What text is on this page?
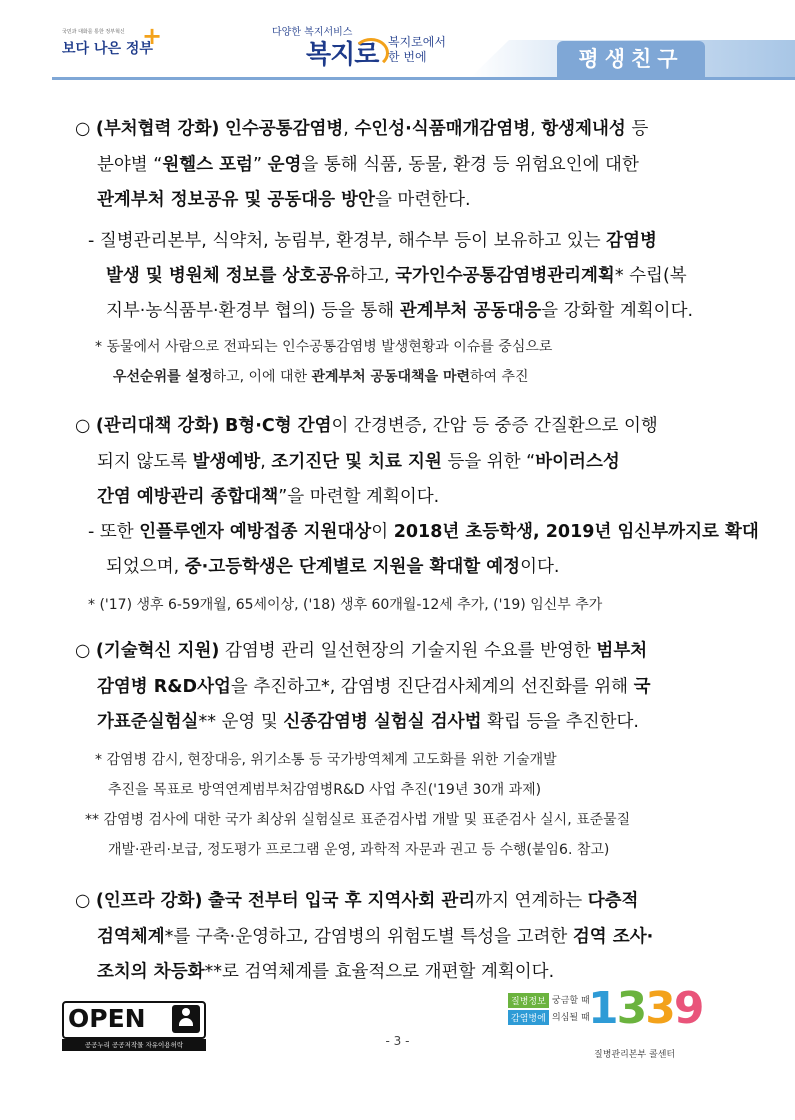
국민과 대화를 통한 정부혁신
보다 나은 정부
+	다양한 복지서비스
복지로 복지로에서
한 번에	평생친구
○ (부처협력 강화) 인수공통감염병, 수인성·식품매개감염병, 항생제내성 등
분야별 “원헬스 포럼” 운영을 통해 식품, 동물, 환경 등 위험요인에 대한
관계부처 정보공유 및 공동대응 방안을 마련한다.
- 질병관리본부, 식약처, 농림부, 환경부, 해수부 등이 보유하고 있는 감염병
발생 및 병원체 정보를 상호공유하고, 국가인수공통감염병관리계획* 수립(복
지부·농식품부·환경부 협의) 등을 통해 관계부처 공동대응을 강화할 계획이다.
* 동물에서 사람으로 전파되는 인수공통감염병 발생현황과 이슈를 중심으로
우선순위를 설정하고, 이에 대한 관계부처 공동대책을 마련하여 추진
○ (관리대책 강화) B형·C형 간염이 간경변증, 간암 등 중증 간질환으로 이행
되지 않도록 발생예방, 조기진단 및 치료 지원 등을 위한 “바이러스성
간염 예방관리 종합대책”을 마련할 계획이다.
- 또한 인플루엔자 예방접종 지원대상이 2018년 초등학생, 2019년 임신부까지로 확대
되었으며, 중·고등학생은 단계별로 지원을 확대할 예정이다.
* ('17) 생후 6-59개월, 65세이상, ('18) 생후 60개월-12세 추가, ('19) 임신부 추가
○ (기술혁신 지원) 감염병 관리 일선현장의 기술지원 수요를 반영한 범부처
감염병 R&D사업을 추진하고*, 감염병 진단검사체계의 선진화를 위해 국
가표준실험실** 운영 및 신종감염병 실험실 검사법 확립 등을 추진한다.
* 감염병 감시, 현장대응, 위기소통 등 국가방역체계 고도화를 위한 기술개발
추진을 목표로 방역연계범부처감염병R&D 사업 추진('19년 30개 과제)
** 감염병 검사에 대한 국가 최상위 실험실로 표준검사법 개발 및 표준검사 실시, 표준물질
개발·관리·보급, 정도평가 프로그램 운영, 과학적 자문과 권고 등 수행(붙임6. 참고)
○ (인프라 강화) 출국 전부터 입국 후 지역사회 관리까지 연계하는 다층적
검역체계*를 구축·운영하고, 감염병의 위험도별 특성을 고려한 검역 조사·
조치의 차등화**로 검역체계를 효율적으로 개편할 계획이다.
OPEN
공공누리 공공저작물 자유이용허락	- 3 -
질병정보 궁금할 때
감염병에 의심될 때
1339
질병관리본부 콜센터
